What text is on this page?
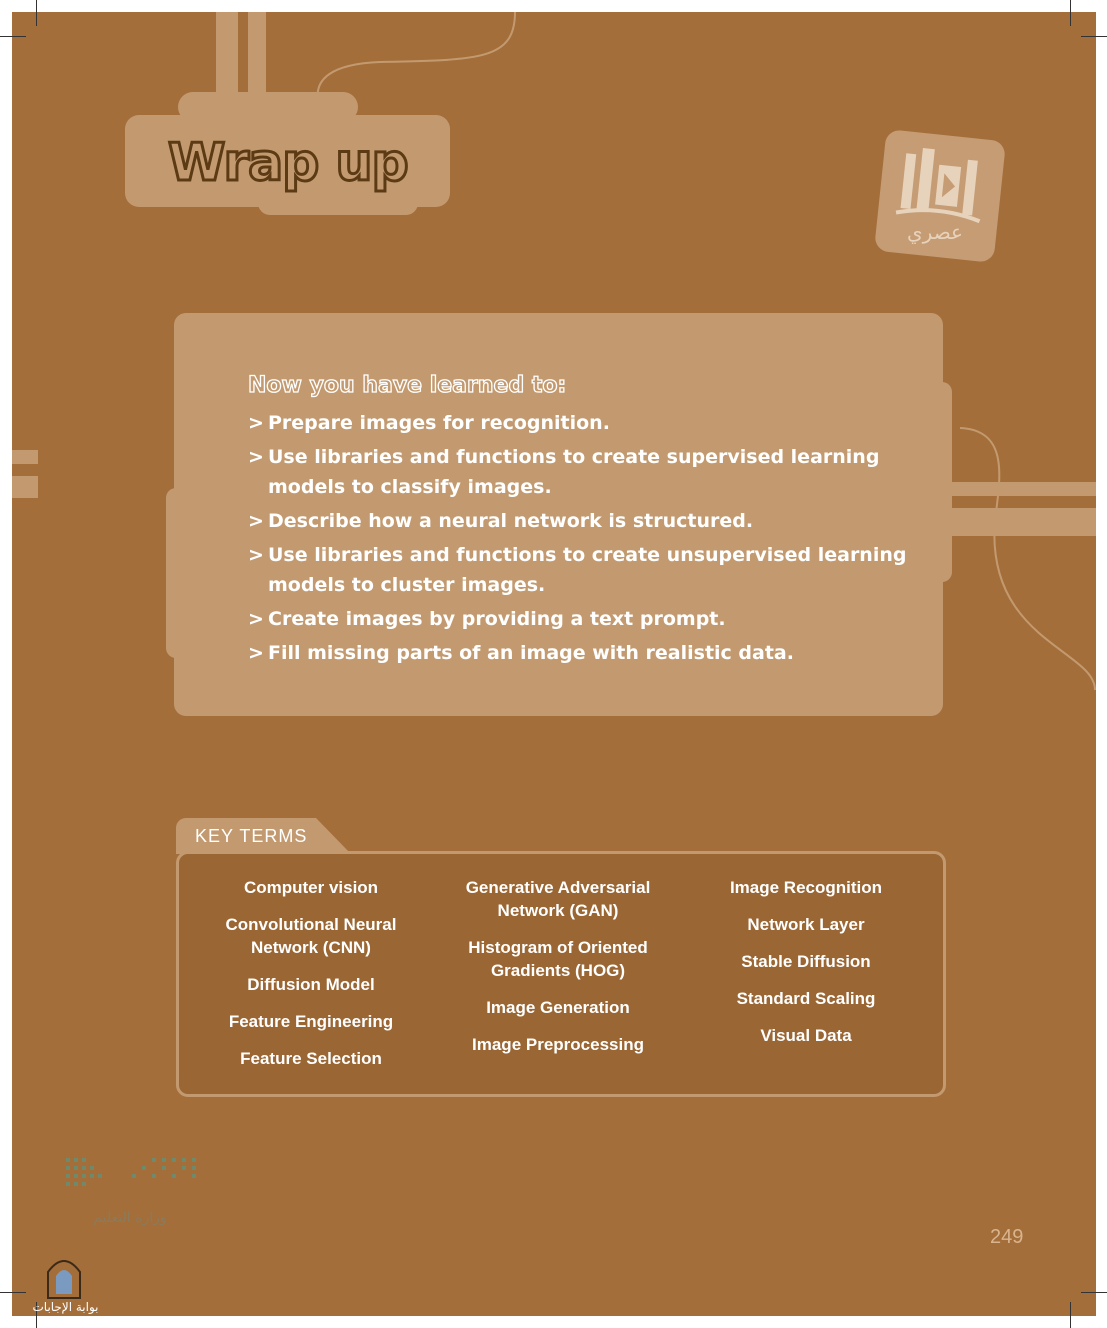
Wrap up
عصري
Now you have learned to:
> Prepare images for recognition.
> Use libraries and functions to create supervised learning models to classify images.
> Describe how a neural network is structured.
> Use libraries and functions to create unsupervised learning models to cluster images.
> Create images by providing a text prompt.
> Fill missing parts of an image with realistic data.
KEY TERMS
Computer vision
Convolutional Neural Network (CNN)
Diffusion Model
Feature Engineering
Feature Selection
Generative Adversarial Network (GAN)
Histogram of Oriented Gradients (HOG)
Image Generation
Image Preprocessing
Image Recognition
Network Layer
Stable Diffusion
Standard Scaling
Visual Data
وزارة التعليم
بوابة الإجابات
249
